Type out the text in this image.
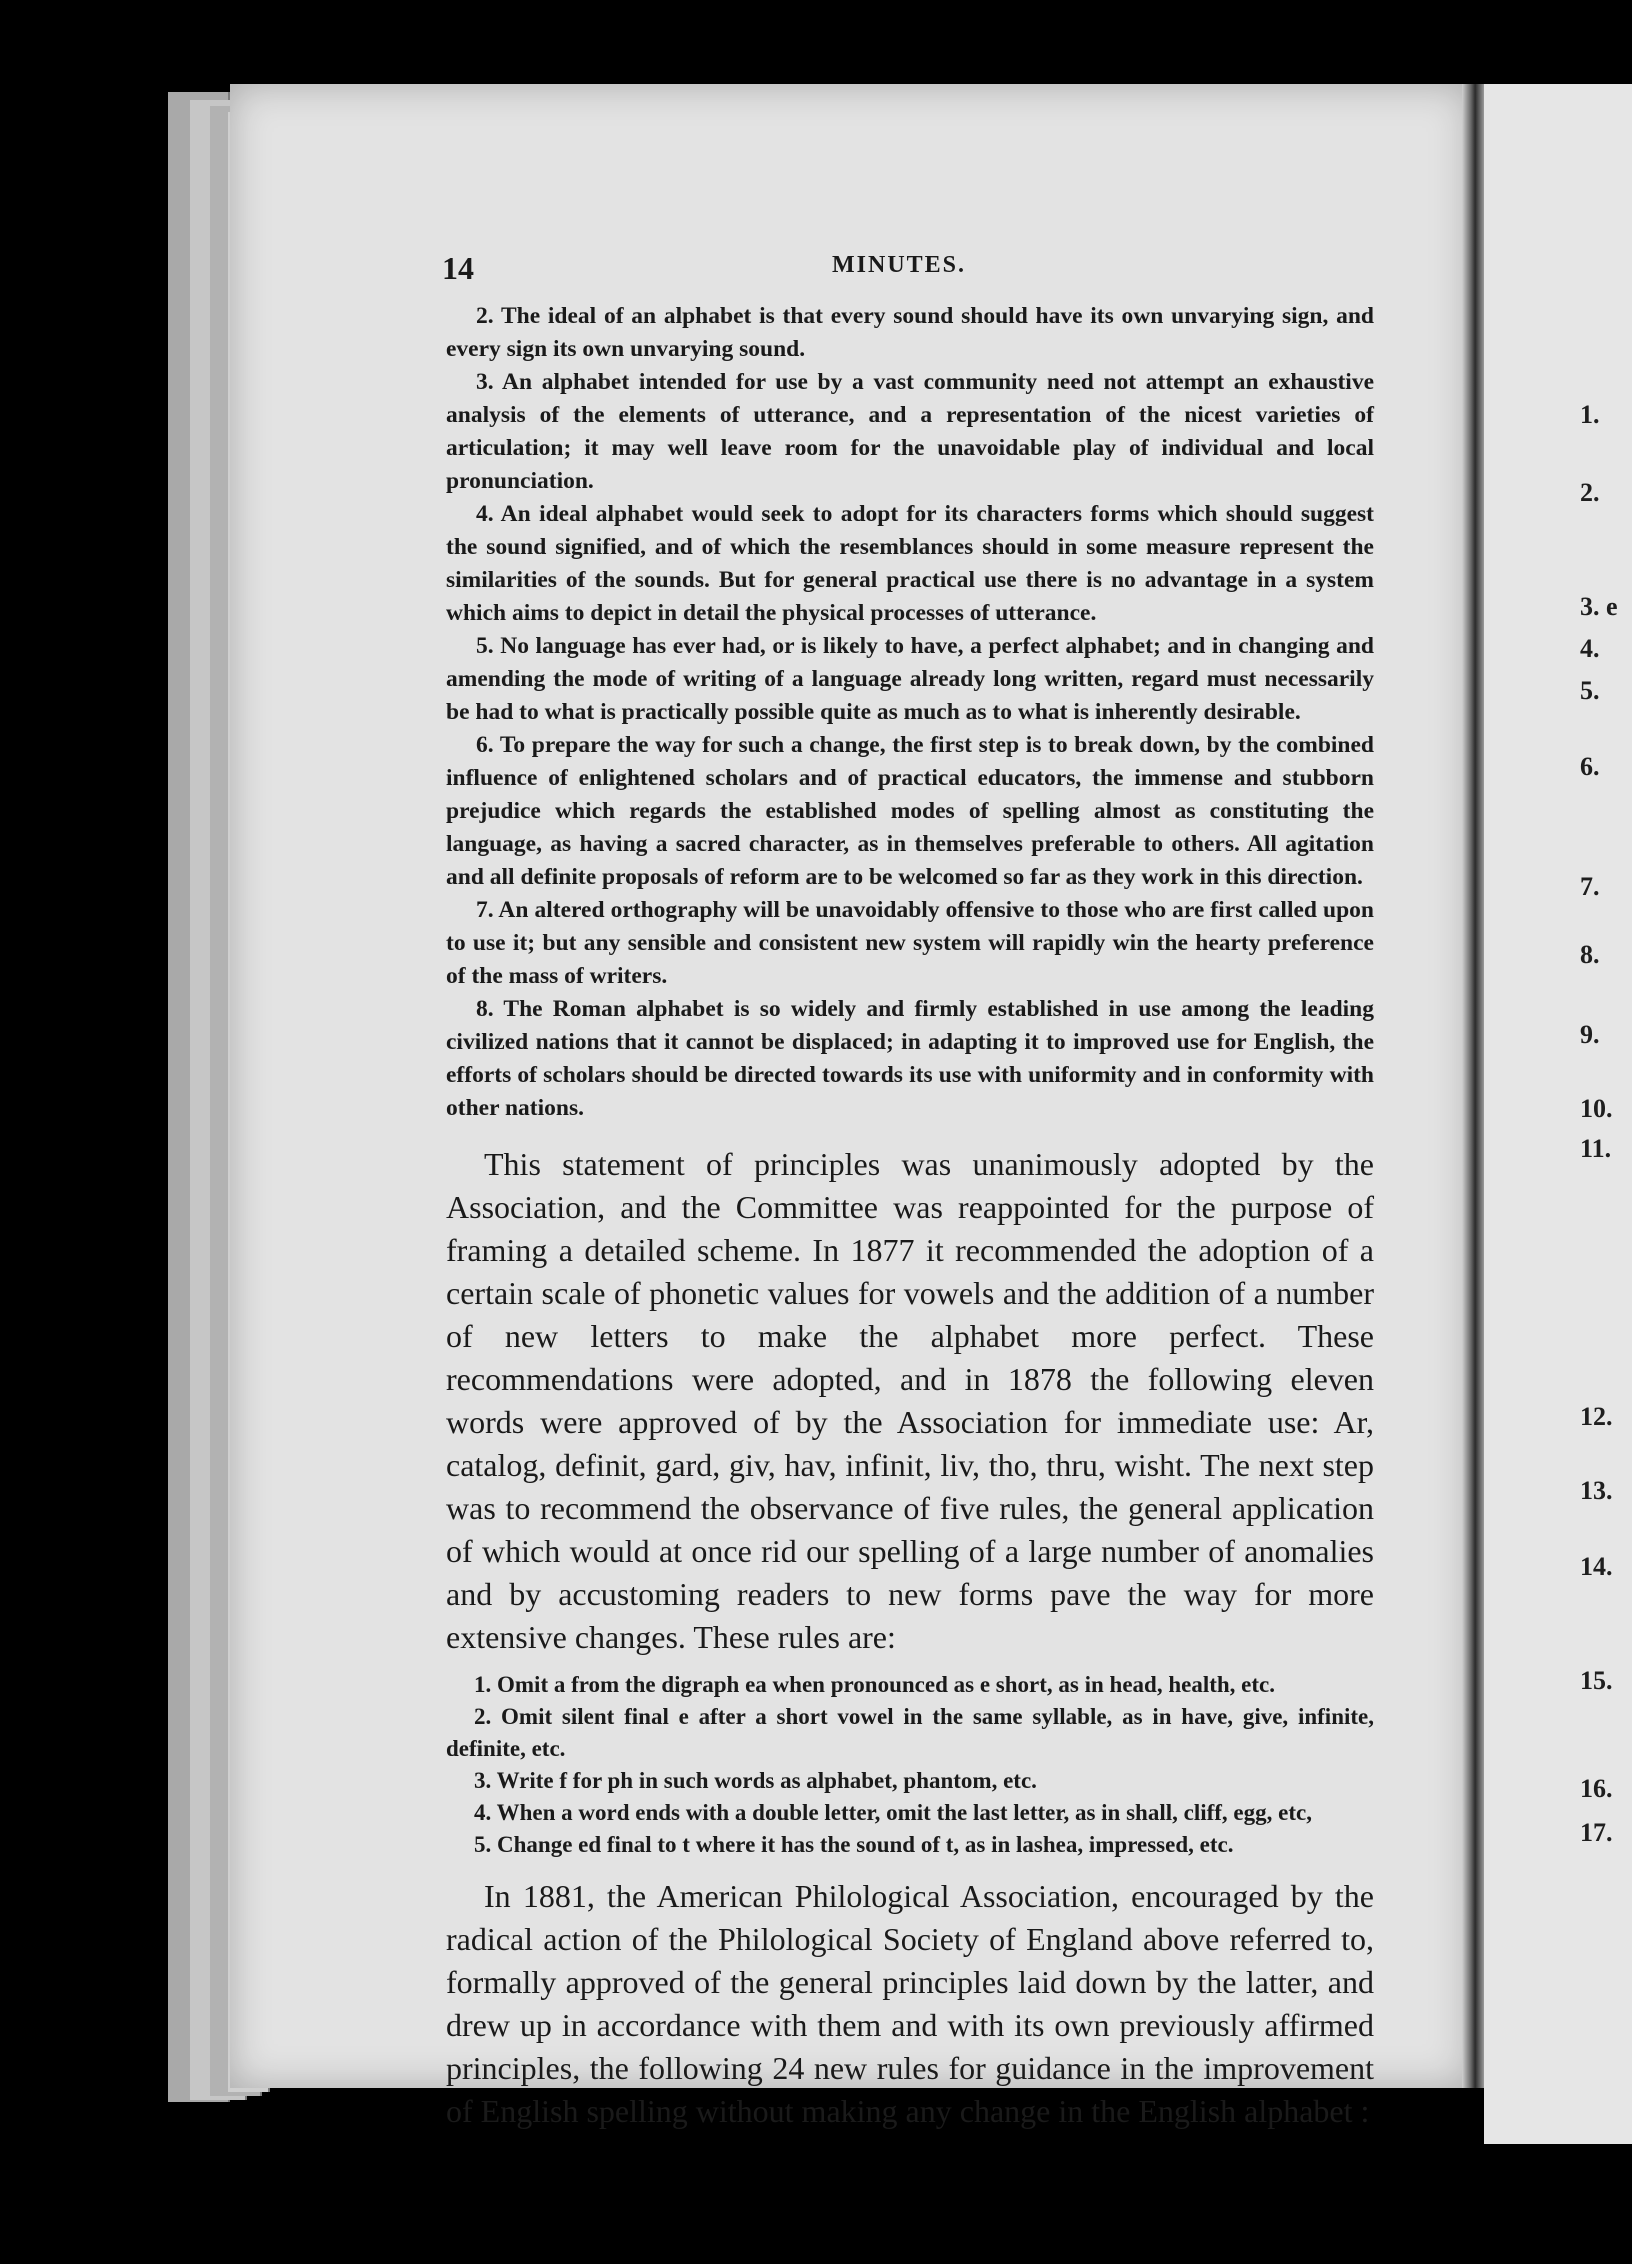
14	MINUTES.

2. The ideal of an alphabet is that every sound should have its own unvarying sign, and every sign its own unvarying sound.

3. An alphabet intended for use by a vast community need not attempt an exhaustive analysis of the elements of utterance, and a representation of the nicest varieties of articulation; it may well leave room for the unavoidable play of individual and local pronunciation.

4. An ideal alphabet would seek to adopt for its characters forms which should suggest the sound signified, and of which the resemblances should in some measure represent the similarities of the sounds. But for general practical use there is no advantage in a system which aims to depict in detail the physical processes of utterance.

5. No language has ever had, or is likely to have, a perfect alphabet; and in changing and amending the mode of writing of a language already long written, regard must necessarily be had to what is practically possible quite as much as to what is inherently desirable.

6. To prepare the way for such a change, the first step is to break down, by the combined influence of enlightened scholars and of practical educators, the immense and stubborn prejudice which regards the established modes of spelling almost as constituting the language, as having a sacred character, as in themselves preferable to others. All agitation and all definite proposals of reform are to be welcomed so far as they work in this direction.

7. An altered orthography will be unavoidably offensive to those who are first called upon to use it; but any sensible and consistent new system will rapidly win the hearty preference of the mass of writers.

8. The Roman alphabet is so widely and firmly established in use among the leading civilized nations that it cannot be displaced; in adapting it to improved use for English, the efforts of scholars should be directed towards its use with uniformity and in conformity with other nations.

This statement of principles was unanimously adopted by the Association, and the Committee was reappointed for the purpose of framing a detailed scheme. In 1877 it recommended the adoption of a certain scale of phonetic values for vowels and the addition of a number of new letters to make the alphabet more perfect. These recommendations were adopted, and in 1878 the following eleven words were approved of by the Association for immediate use: Ar, catalog, definit, gard, giv, hav, infinit, liv, tho, thru, wisht. The next step was to recommend the observance of five rules, the general application of which would at once rid our spelling of a large number of anomalies and by accustoming readers to new forms pave the way for more extensive changes. These rules are:

1. Omit a from the digraph ea when pronounced as e short, as in head, health, etc.

2. Omit silent final e after a short vowel in the same syllable, as in have, give, infinite, definite, etc.

3. Write f for ph in such words as alphabet, phantom, etc.

4. When a word ends with a double letter, omit the last letter, as in shall, cliff, egg, etc,

5. Change ed final to t where it has the sound of t, as in lashea, impressed, etc.

In 1881, the American Philological Association, encouraged by the radical action of the Philological Society of England above referred to, formally approved of the general principles laid down by the latter, and drew up in accordance with them and with its own previously affirmed principles, the following 24 new rules for guidance in the improvement of English spelling without making any change in the English alphabet :

1.
2.
3. e
4.
5.
6.
7.
8.
9.
10.
11.
12.
13.
14.
15.
16.
17.
